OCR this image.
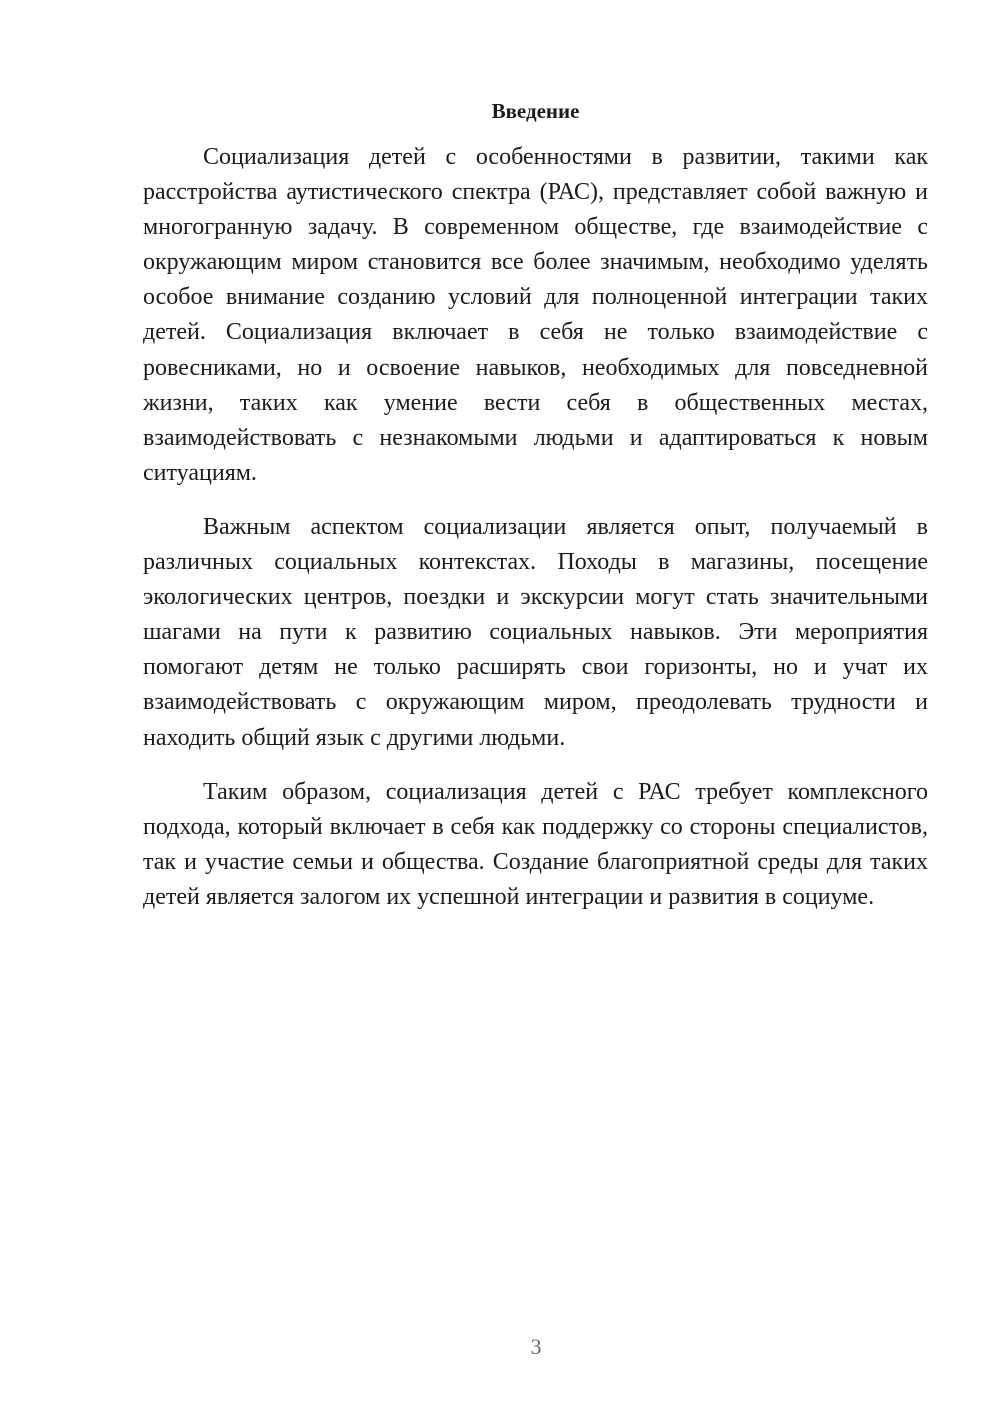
Введение

Социализация детей с особенностями в развитии, такими как расстройства аутистического спектра (РАС), представляет собой важную и многогранную задачу. В современном обществе, где взаимодействие с окружающим миром становится все более значимым, необходимо уделять особое внимание созданию условий для полноценной интеграции таких детей. Социализация включает в себя не только взаимодействие с ровесниками, но и освоение навыков, необходимых для повседневной жизни, таких как умение вести себя в общественных местах, взаимодействовать с незнакомыми людьми и адаптироваться к новым ситуациям.

Важным аспектом социализации является опыт, получаемый в различных социальных контекстах. Походы в магазины, посещение экологических центров, поездки и экскурсии могут стать значительными шагами на пути к развитию социальных навыков. Эти мероприятия помогают детям не только расширять свои горизонты, но и учат их взаимодействовать с окружающим миром, преодолевать трудности и находить общий язык с другими людьми.

Таким образом, социализация детей с РАС требует комплексного подхода, который включает в себя как поддержку со стороны специалистов, так и участие семьи и общества. Создание благоприятной среды для таких детей является залогом их успешной интеграции и развития в социуме.

3
